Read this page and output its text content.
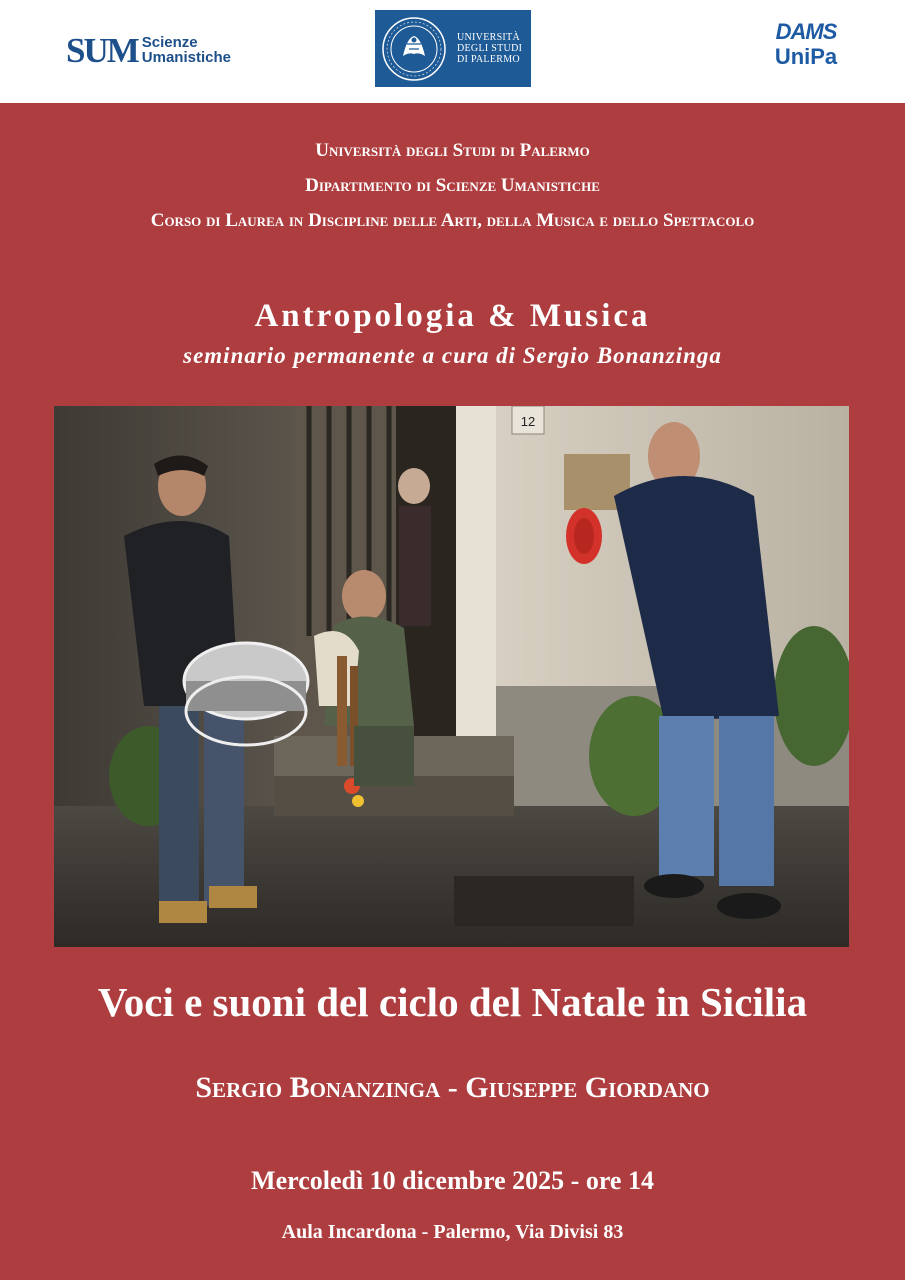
SUM Scienze
Umanistiche
UNIVERSITÀ
DEGLI STUDI
DI PALERMO
DAMS
UniPa
Università degli Studi di Palermo
Dipartimento di Scienze Umanistiche
Corso di Laurea in Discipline delle Arti, della Musica e dello Spettacolo
Antropologia & Musica
seminario permanente a cura di Sergio Bonanzinga
12
Voci e suoni del ciclo del Natale in Sicilia
Sergio Bonanzinga - Giuseppe Giordano
Mercoledì 10 dicembre 2025 - ore 14
Aula Incardona - Palermo, Via Divisi 83
